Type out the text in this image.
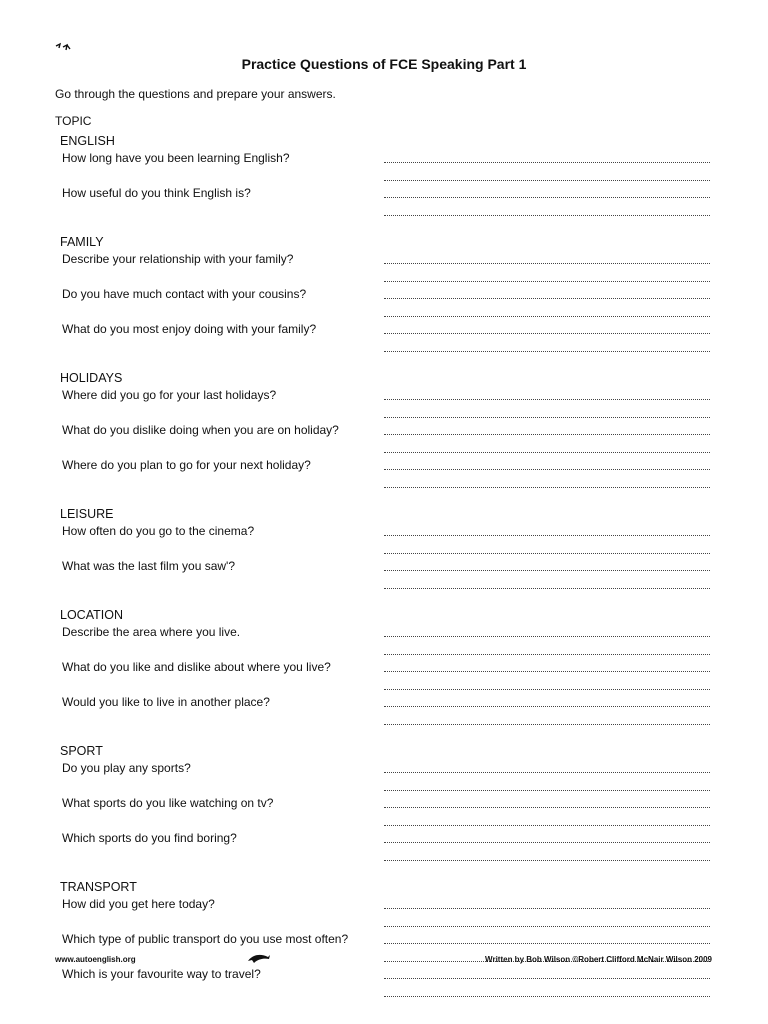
Practice Questions of FCE Speaking Part 1
Go through the questions and prepare your answers.
TOPIC
ENGLISH
How long have you been learning English?
How useful do you think English is?
FAMILY
Describe your relationship with your family?
Do you have much contact with your cousins?
What do you most enjoy doing with your family?
HOLIDAYS
Where did you go for your last holidays?
What do you dislike doing when you are on holiday?
Where do you plan to go for your next holiday?
LEISURE
How often do you go to the cinema?
What was the last film you saw'?
LOCATION
Describe the area where you live.
What do you like and dislike about where you live?
Would you like to live in another place?
SPORT
Do you play any sports?
What sports do you like watching on tv?
Which sports do you find boring?
TRANSPORT
How did you get here today?
Which type of public transport do you use most often?
Which is your favourite way to travel?
www.autoenglish.org	Written by Bob Wilson ©Robert Clifford McNair Wilson 2009
